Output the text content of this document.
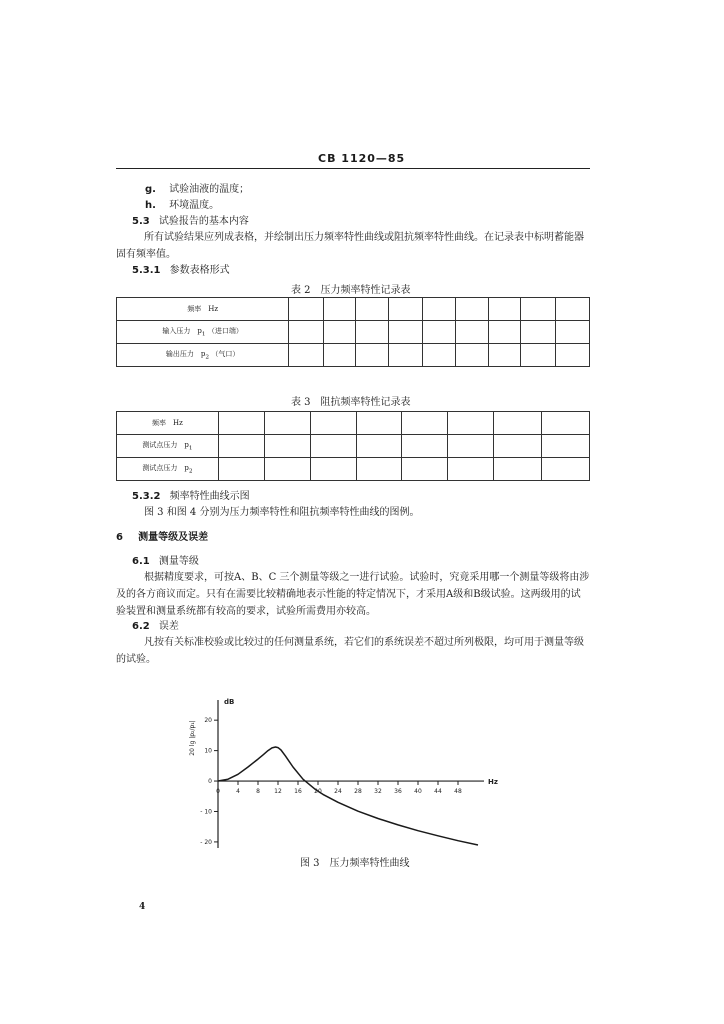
CB 1120—85
g. 试验油液的温度；
h. 环境温度。
5.3 试验报告的基本内容
所有试验结果应列成表格，并绘制出压力频率特性曲线或阻抗频率特性曲线。在记录表中标明蓄能器固有频率值。
5.3.1 参数表格形式
表 2　压力频率特性记录表
频率　Hz									
输入压力　$p_1$ （进口端）									
输出压力　$p_2$ （气口）									
表 3　阻抗频率特性记录表
频率　Hz								
测试点压力　$p_1$								
测试点压力　$p_2$								
5.3.2 频率特性曲线示图
图 3 和图 4 分别为压力频率特性和阻抗频率特性曲线的图例。
6 测量等级及误差
6.1 测量等级
根据精度要求，可按A、B、C 三个测量等级之一进行试验。试验时，究竟采用哪一个测量等级将由涉及的各方商议而定。只有在需要比较精确地表示性能的特定情况下，才采用A级和B级试验。这两级用的试验装置和测量系统都有较高的要求，试验所需费用亦较高。
6.2 误差
凡按有关标准校验或比较过的任何测量系统，若它们的系统误差不超过所列极限，均可用于测量等级的试验。
0	4	8 12 16 20 24 28 32 36 40 44 48
20
10
0
- 10
- 20
dB
Hz
20 lg |p₂/p₁|
图 3　压力频率特性曲线
4
